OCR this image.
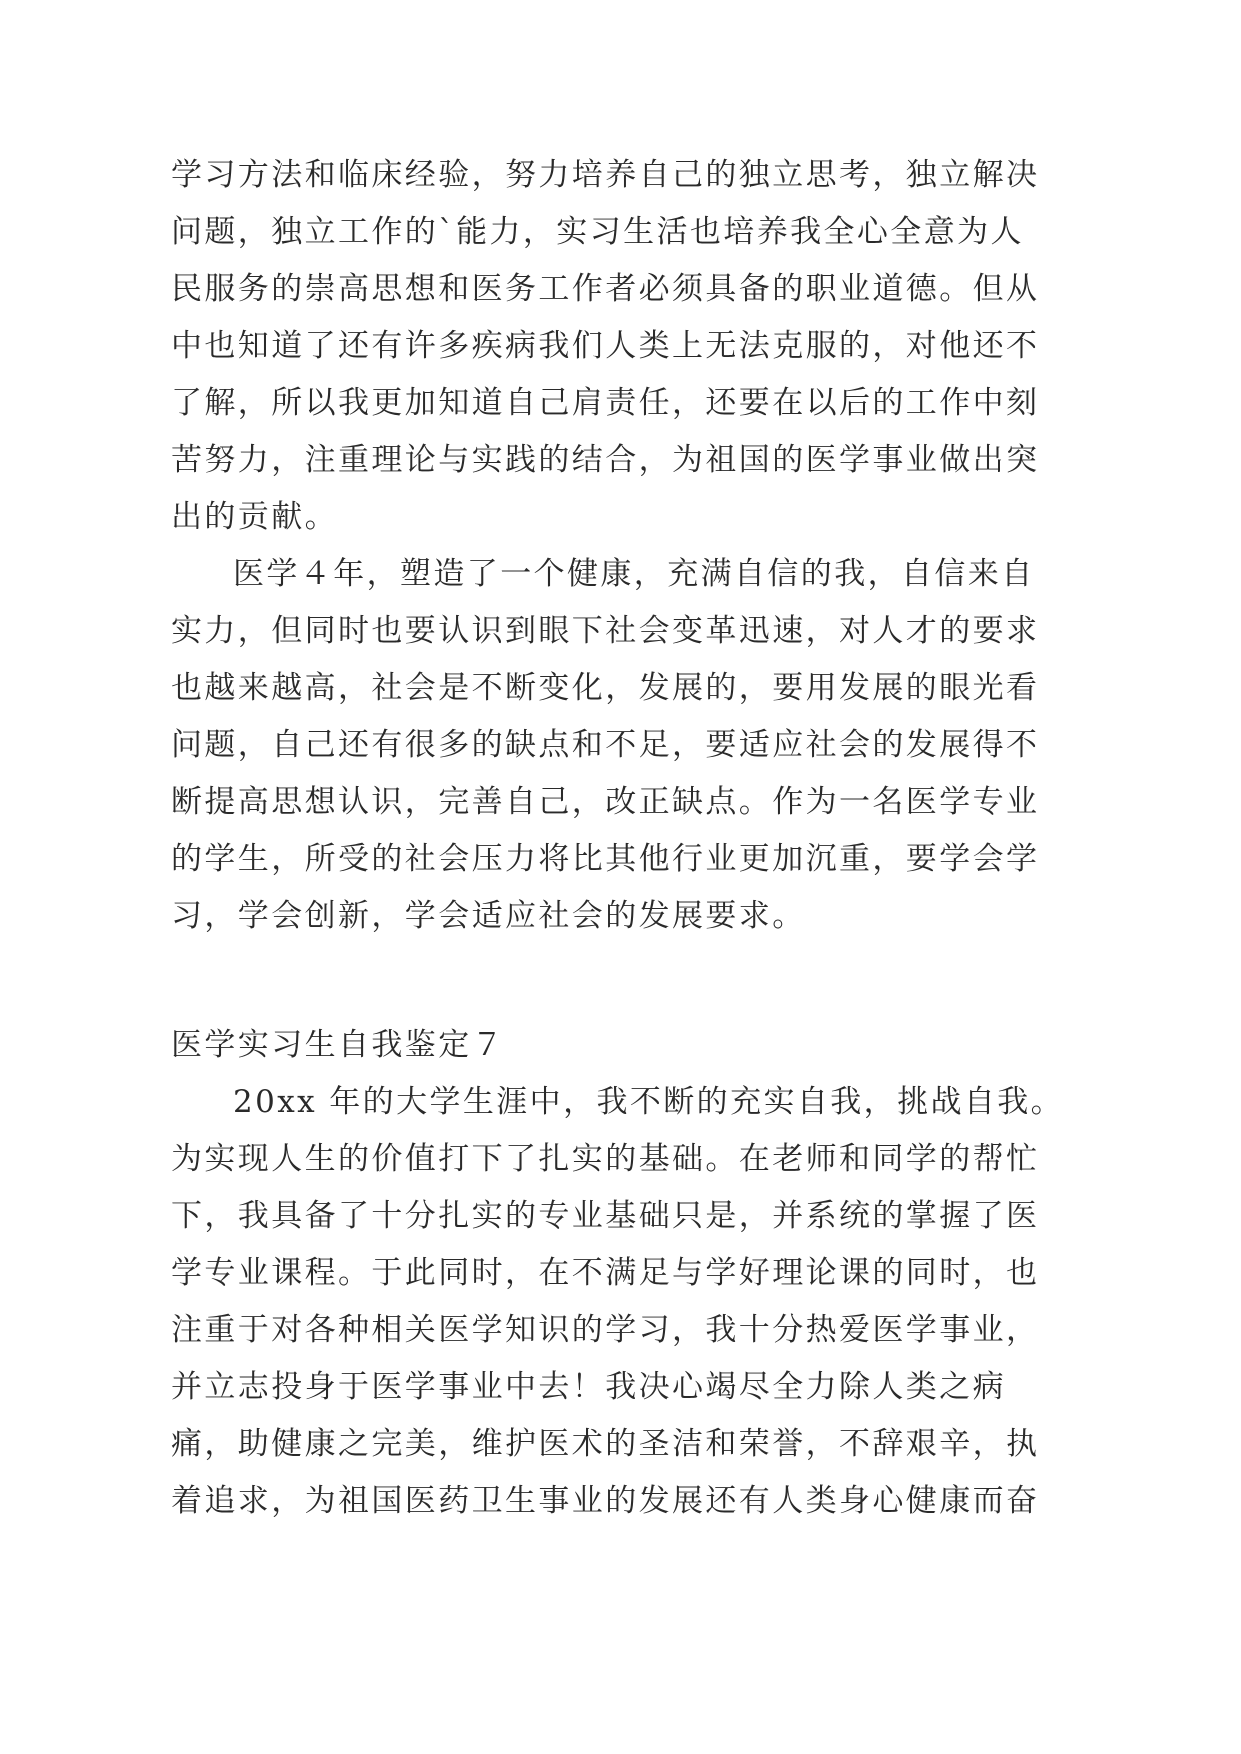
学习方法和临床经验，努力培养自己的独立思考，独立解决

问题，独立工作的`能力，实习生活也培养我全心全意为人

民服务的崇高思想和医务工作者必须具备的职业道德。但从

中也知道了还有许多疾病我们人类上无法克服的，对他还不

了解，所以我更加知道自己肩责任，还要在以后的工作中刻

苦努力，注重理论与实践的结合，为祖国的医学事业做出突

出的贡献。

医学４年，塑造了一个健康，充满自信的我，自信来自

实力，但同时也要认识到眼下社会变革迅速，对人才的要求

也越来越高，社会是不断变化，发展的，要用发展的眼光看

问题，自己还有很多的缺点和不足，要适应社会的发展得不

断提高思想认识，完善自己，改正缺点。作为一名医学专业

的学生，所受的社会压力将比其他行业更加沉重，要学会学

习，学会创新，学会适应社会的发展要求。

医学实习生自我鉴定７

20xx 年的大学生涯中，我不断的充实自我，挑战自我。

为实现人生的价值打下了扎实的基础。在老师和同学的帮忙

下，我具备了十分扎实的专业基础只是，并系统的掌握了医

学专业课程。于此同时，在不满足与学好理论课的同时，也

注重于对各种相关医学知识的学习，我十分热爱医学事业，

并立志投身于医学事业中去！我决心竭尽全力除人类之病

痛，助健康之完美，维护医术的圣洁和荣誉，不辞艰辛，执

着追求，为祖国医药卫生事业的发展还有人类身心健康而奋
